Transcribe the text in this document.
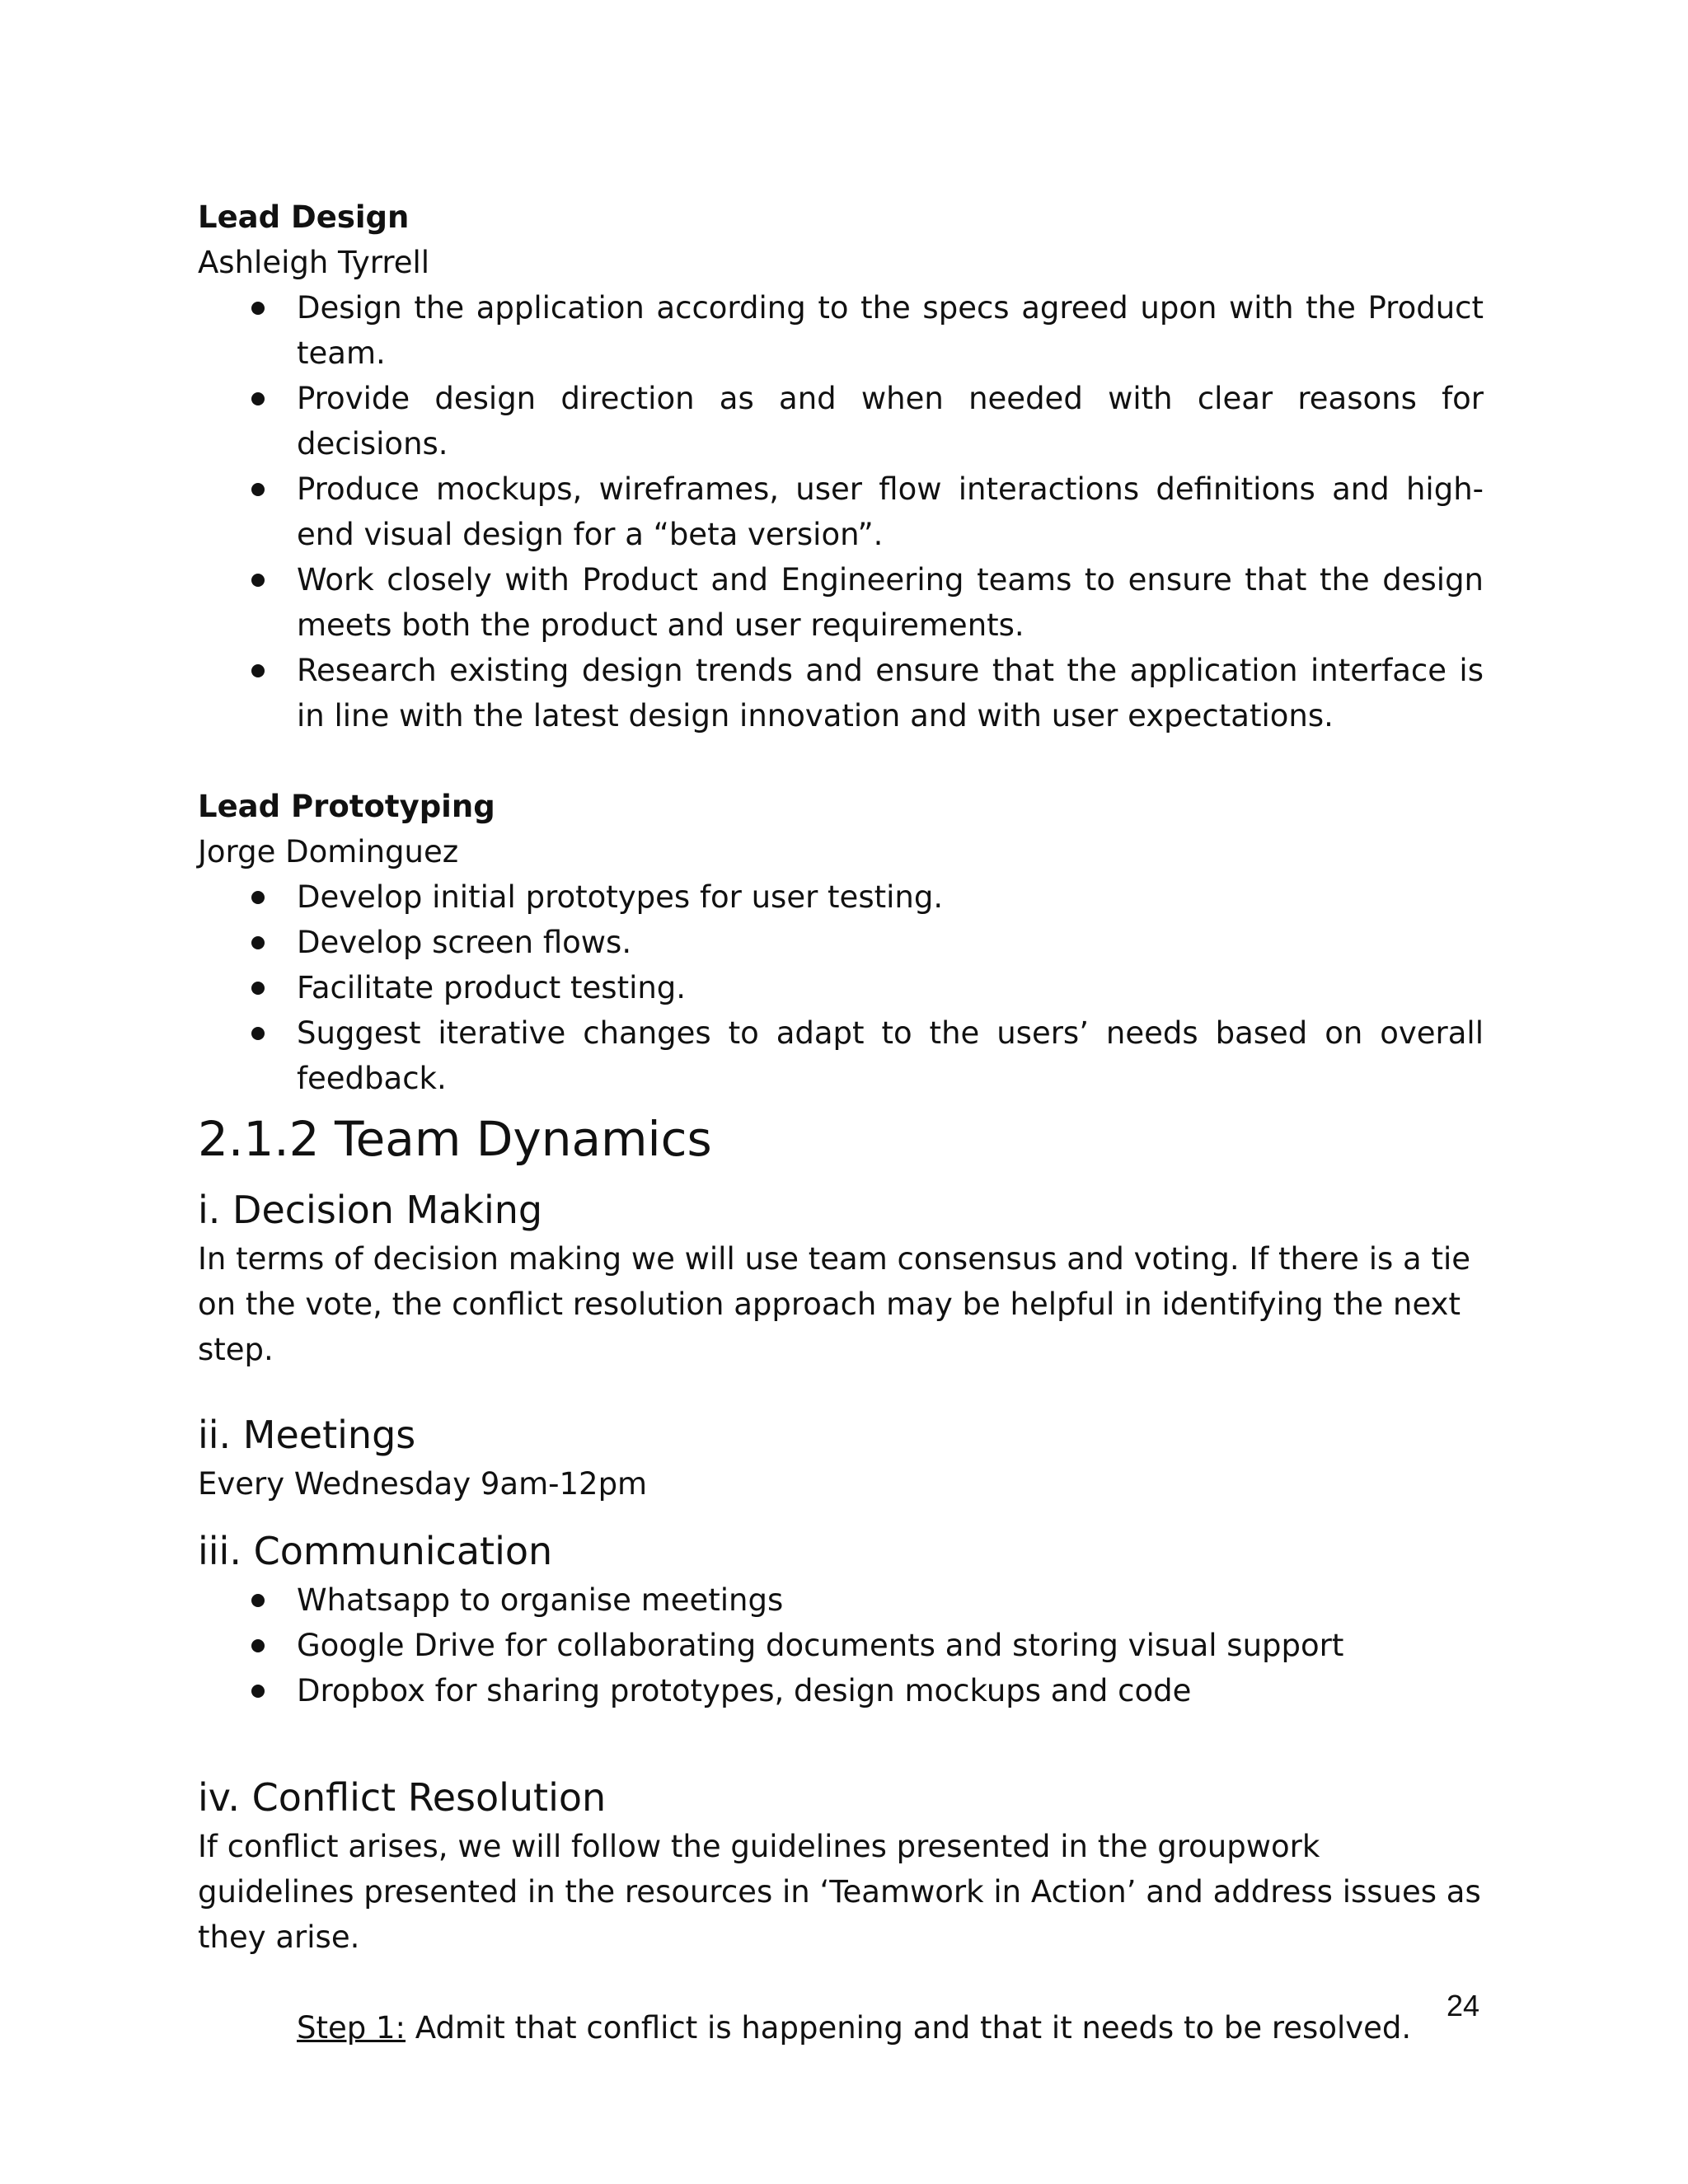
Lead Design

Ashleigh Tyrrell

Design the application according to the specs agreed upon with the Product team.
Provide design direction as and when needed with clear reasons for decisions.
Produce mockups, wireframes, user flow interactions definitions and high-end visual design for a “beta version”.
Work closely with Product and Engineering teams to ensure that the design meets both the product and user requirements.
Research existing design trends and ensure that the application interface is in line with the latest design innovation and with user expectations.

Lead Prototyping

Jorge Dominguez

Develop initial prototypes for user testing.
Develop screen flows.
Facilitate product testing.
Suggest iterative changes to adapt to the users’ needs based on overall feedback.
2.1.2 Team Dynamics
i. Decision Making

In terms of decision making we will use team consensus and voting. If there is a tie on the vote, the conflict resolution approach may be helpful in identifying the next step.

ii. Meetings

Every Wednesday 9am-12pm

iii. Communication
Whatsapp to organise meetings
Google Drive for collaborating documents and storing visual support
Dropbox for sharing prototypes, design mockups and code
iv. Conflict Resolution

If conflict arises, we will follow the guidelines presented in the groupwork guidelines presented in the resources in ‘Teamwork in Action’ and address issues as they arise.

Step 1: Admit that conflict is happening and that it needs to be resolved.

24
